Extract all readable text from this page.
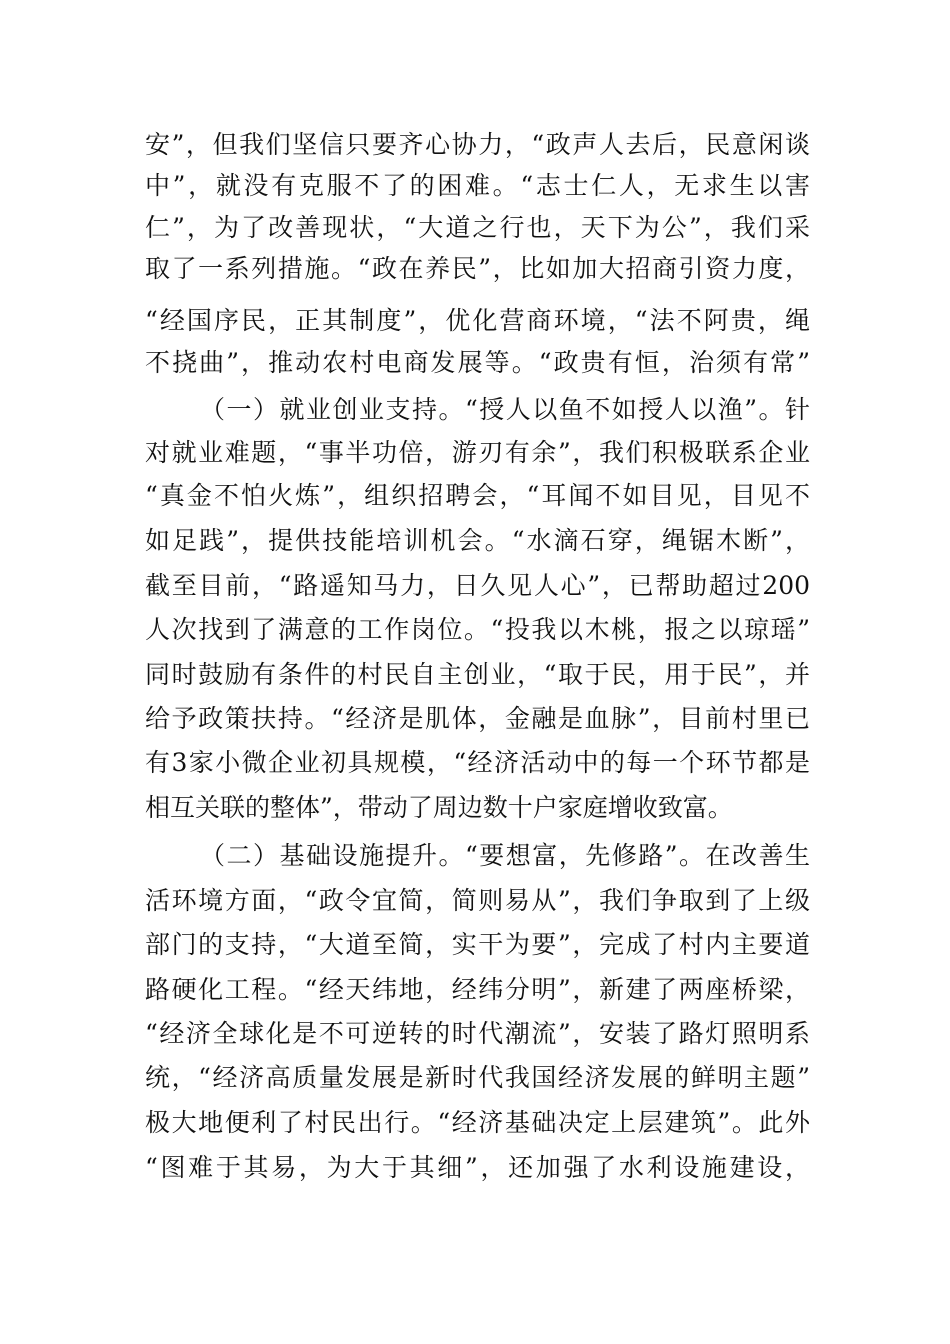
安”，但我们坚信只要齐心协力，“政声人去后，民意闲谈
中”，就没有克服不了的困难。“志士仁人，无求生以害
仁”，为了改善现状，“大道之行也，天下为公”，我们采
取了一系列措施。“政在养民”，比如加大招商引资力度，
“经国序民，正其制度”，优化营商环境，“法不阿贵，绳
不挠曲”，推动农村电商发展等。“政贵有恒，治须有常”
（一）就业创业支持。“授人以鱼不如授人以渔”。针
对就业难题，“事半功倍，游刃有余”，我们积极联系企业
“真金不怕火炼”，组织招聘会，“耳闻不如目见，目见不
如足践”，提供技能培训机会。“水滴石穿，绳锯木断”，
截至目前，“路遥知马力，日久见人心”，已帮助超过200
人次找到了满意的工作岗位。“投我以木桃，报之以琼瑶”
同时鼓励有条件的村民自主创业，“取于民，用于民”，并
给予政策扶持。“经济是肌体，金融是血脉”，目前村里已
有3家小微企业初具规模，“经济活动中的每一个环节都是
相互关联的整体”，带动了周边数十户家庭增收致富。
（二）基础设施提升。“要想富，先修路”。在改善生
活环境方面，“政令宜简，简则易从”，我们争取到了上级
部门的支持，“大道至简，实干为要”，完成了村内主要道
路硬化工程。“经天纬地，经纬分明”，新建了两座桥梁，
“经济全球化是不可逆转的时代潮流”，安装了路灯照明系
统，“经济高质量发展是新时代我国经济发展的鲜明主题”
极大地便利了村民出行。“经济基础决定上层建筑”。此外
“图难于其易，为大于其细”，还加强了水利设施建设，
